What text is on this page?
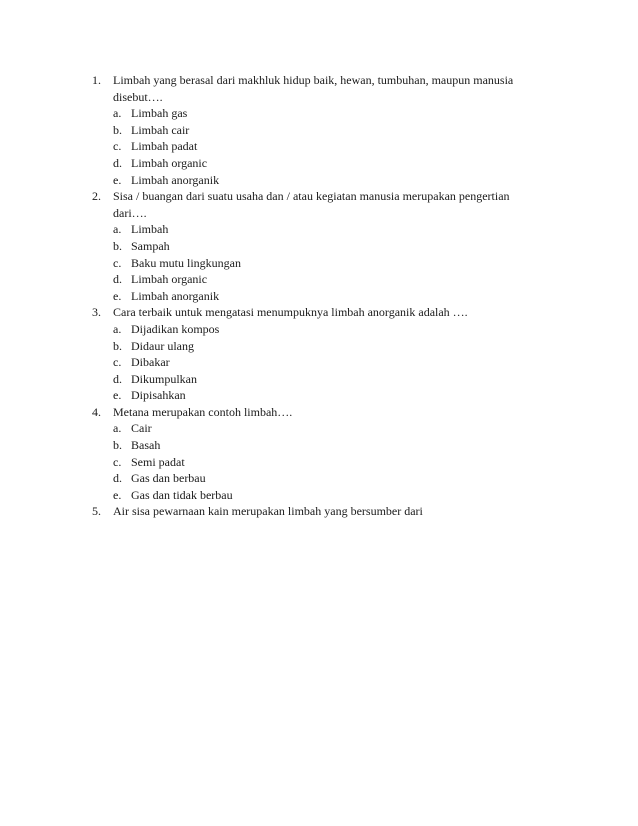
1.	Limbah yang berasal dari makhluk hidup baik, hewan, tumbuhan, maupun manusia
disebut….
a. Limbah gas
b. Limbah cair
c. Limbah padat
d. Limbah organic
e. Limbah anorganik
2.	Sisa / buangan dari suatu usaha dan / atau kegiatan manusia merupakan pengertian
dari….
a. Limbah
b. Sampah
c. Baku mutu lingkungan
d. Limbah organic
e. Limbah anorganik
3.	Cara terbaik untuk mengatasi menumpuknya limbah anorganik adalah ….
a. Dijadikan kompos
b. Didaur ulang
c. Dibakar
d. Dikumpulkan
e. Dipisahkan
4.	Metana merupakan contoh limbah….
a. Cair
b. Basah
c. Semi padat
d. Gas dan berbau
e. Gas dan tidak berbau
5.	Air sisa pewarnaan kain merupakan limbah yang bersumber dari
